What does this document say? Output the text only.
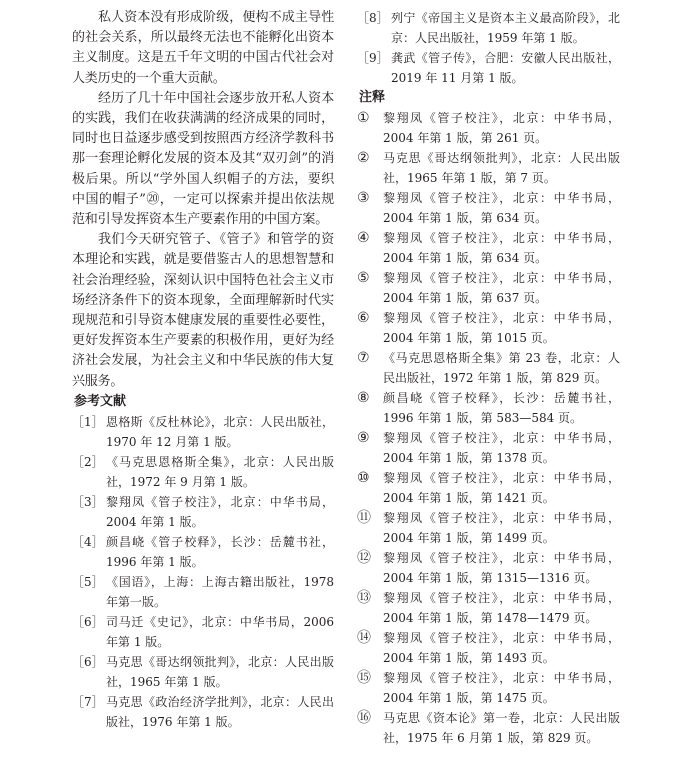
私人资本没有形成阶级，便构不成主导性的社会关系，所以最终无法也不能孵化出资本主义制度。这是五千年文明的中国古代社会对人类历史的一个重大贡献。

经历了几十年中国社会逐步放开私人资本的实践，我们在收获满满的经济成果的同时，同时也日益逐步感受到按照西方经济学教科书那一套理论孵化发展的资本及其“双刃剑”的消极后果。所以“学外国人织帽子的方法，要织中国的帽子”⑳，一定可以探索并提出依法规范和引导发挥资本生产要素作用的中国方案。

我们今天研究管子、《管子》和管学的资本理论和实践，就是要借鉴古人的思想智慧和社会治理经验，深刻认识中国特色社会主义市场经济条件下的资本现象，全面理解新时代实现规范和引导资本健康发展的重要性必要性，更好发挥资本生产要素的积极作用，更好为经济社会发展，为社会主义和中华民族的伟大复兴服务。

参考文献
［1］ 恩格斯《反杜林论》，北京：人民出版社，1970 年 12 月第 1 版。
［2］ 《马克思恩格斯全集》，北京：人民出版社，1972 年 9 月第 1 版。
［3］ 黎翔凤《管子校注》，北京：中华书局，2004 年第 1 版。
［4］ 颜昌峣《管子校释》，长沙：岳麓书社，1996 年第 1 版。
［5］ 《国语》，上海：上海古籍出版社，1978 年第一版。
［6］ 司马迁《史记》，北京：中华书局，2006 年第 1 版。
［6］ 马克思《哥达纲领批判》，北京：人民出版社，1965 年第 1 版。
［7］ 马克思《政治经济学批判》，北京：人民出版社，1976 年第 1 版。
［8］ 列宁《帝国主义是资本主义最高阶段》，北京：人民出版社，1959 年第 1 版。
［9］ 龚武《管子传》，合肥：安徽人民出版社，2019 年 11 月第 1 版。
注释
①	黎翔凤《管子校注》，北京：中华书局，2004 年第 1 版，第 261 页。
②	马克思《哥达纲领批判》，北京：人民出版社，1965 年第 1 版，第 7 页。
③	黎翔凤《管子校注》，北京：中华书局，2004 年第 1 版，第 634 页。
④	黎翔凤《管子校注》，北京：中华书局，2004 年第 1 版，第 634 页。
⑤	黎翔凤《管子校注》，北京：中华书局，2004 年第 1 版，第 637 页。
⑥	黎翔凤《管子校注》，北京：中华书局，2004 年第 1 版，第 1015 页。
⑦	《马克思恩格斯全集》第 23 卷，北京：人民出版社，1972 年第 1 版，第 829 页。
⑧	颜昌峣《管子校释》，长沙：岳麓书社，1996 年第 1 版，第 583—584 页。
⑨	黎翔凤《管子校注》，北京：中华书局，2004 年第 1 版，第 1378 页。
⑩	黎翔凤《管子校注》，北京：中华书局，2004 年第 1 版，第 1421 页。
⑪	黎翔凤《管子校注》，北京：中华书局，2004 年第 1 版，第 1499 页。
⑫	黎翔凤《管子校注》，北京：中华书局，2004 年第 1 版，第 1315—1316 页。
⑬	黎翔凤《管子校注》，北京：中华书局，2004 年第 1 版，第 1478—1479 页。
⑭	黎翔凤《管子校注》，北京：中华书局，2004 年第 1 版，第 1493 页。
⑮	黎翔凤《管子校注》，北京：中华书局，2004 年第 1 版，第 1475 页。
⑯	马克思《资本论》第一卷，北京：人民出版社，1975 年 6 月第 1 版，第 829 页。
